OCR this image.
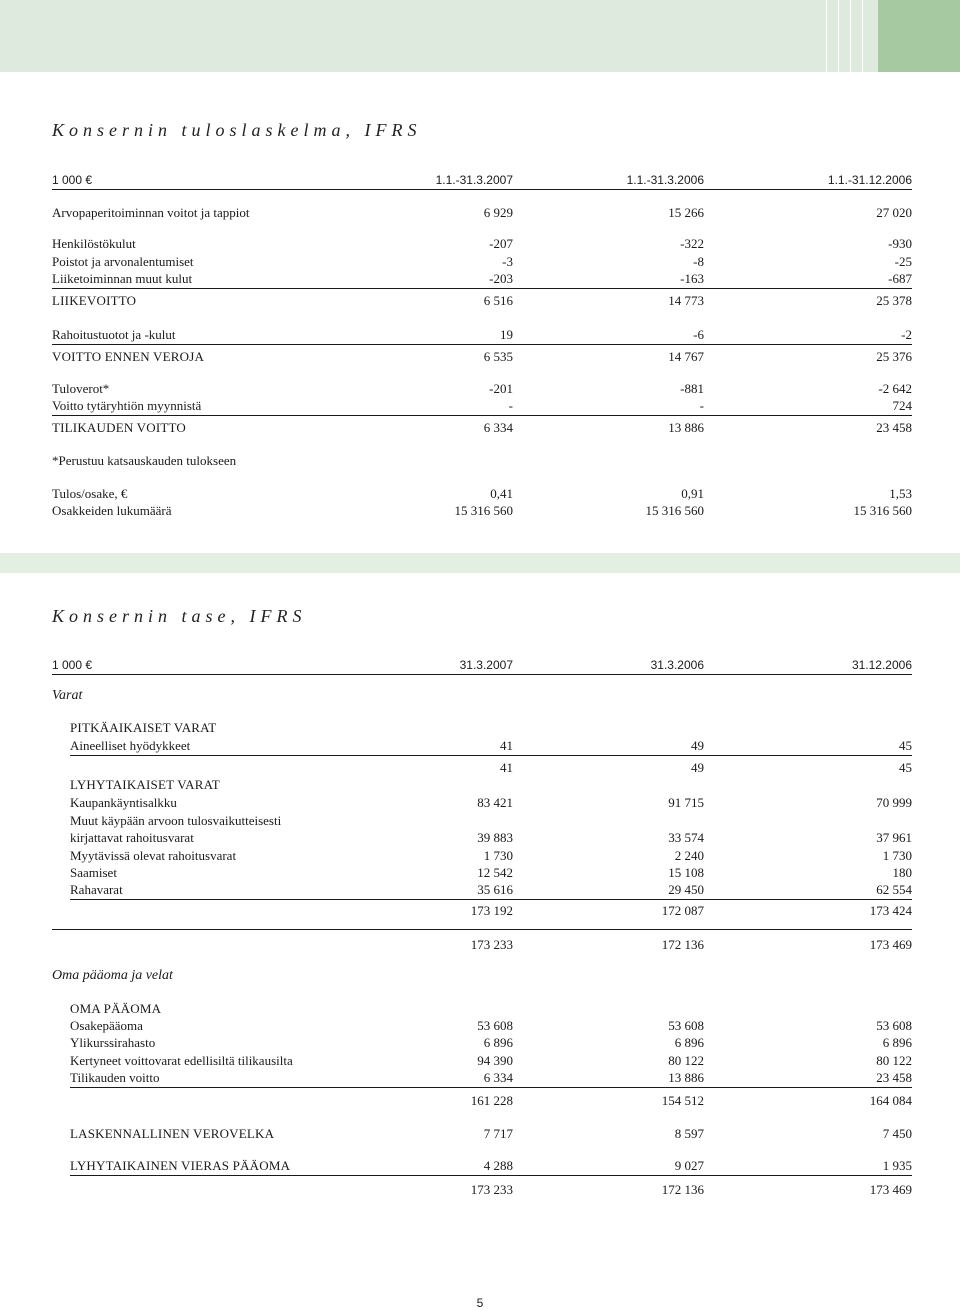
Konsernin tuloslaskelma, IFRS
1 000 €	1.1.-31.3.2007	1.1.-31.3.2006	1.1.-31.12.2006
Arvopaperitoiminnan voitot ja tappiot	6 929	15 266	27 020
Henkilöstökulut	-207	-322	-930
Poistot ja arvonalentumiset	-3	-8	-25
Liiketoiminnan muut kulut	-203	-163	-687
LIIKEVOITTO	6 516	14 773	25 378
Rahoitustuotot ja -kulut	19	-6	-2
VOITTO ENNEN VEROJA	6 535	14 767	25 376
Tuloverot*	-201	-881	-2 642
Voitto tytäryhtiön myynnistä	-	-	724
TILIKAUDEN VOITTO	6 334	13 886	23 458
*Perustuu katsauskauden tulokseen
Tulos/osake, €	0,41	0,91	1,53
Osakkeiden lukumäärä	15 316 560	15 316 560	15 316 560
Konsernin tase, IFRS
1 000 €	31.3.2007	31.3.2006	31.12.2006
Varat
PITKÄAIKAISET VARAT
Aineelliset hyödykkeet	41	49	45
41	49	45
LYHYTAIKAISET VARAT
Kaupankäyntisalkku	83 421	91 715	70 999
Muut käypään arvoon tulosvaikutteisesti
kirjattavat rahoitusvarat	39 883	33 574	37 961
Myytävissä olevat rahoitusvarat	1 730	2 240	1 730
Saamiset	12 542	15 108	180
Rahavarat	35 616	29 450	62 554
173 192	172 087	173 424
173 233	172 136	173 469
Oma pääoma ja velat
OMA PÄÄOMA
Osakepääoma	53 608	53 608	53 608
Ylikurssirahasto	6 896	6 896	6 896
Kertyneet voittovarat edellisiltä tilikausilta	94 390	80 122	80 122
Tilikauden voitto	6 334	13 886	23 458
161 228	154 512	164 084
LASKENNALLINEN VEROVELKA	7 717	8 597	7 450
LYHYTAIKAINEN VIERAS PÄÄOMA	4 288	9 027	1 935
173 233	172 136	173 469
5
